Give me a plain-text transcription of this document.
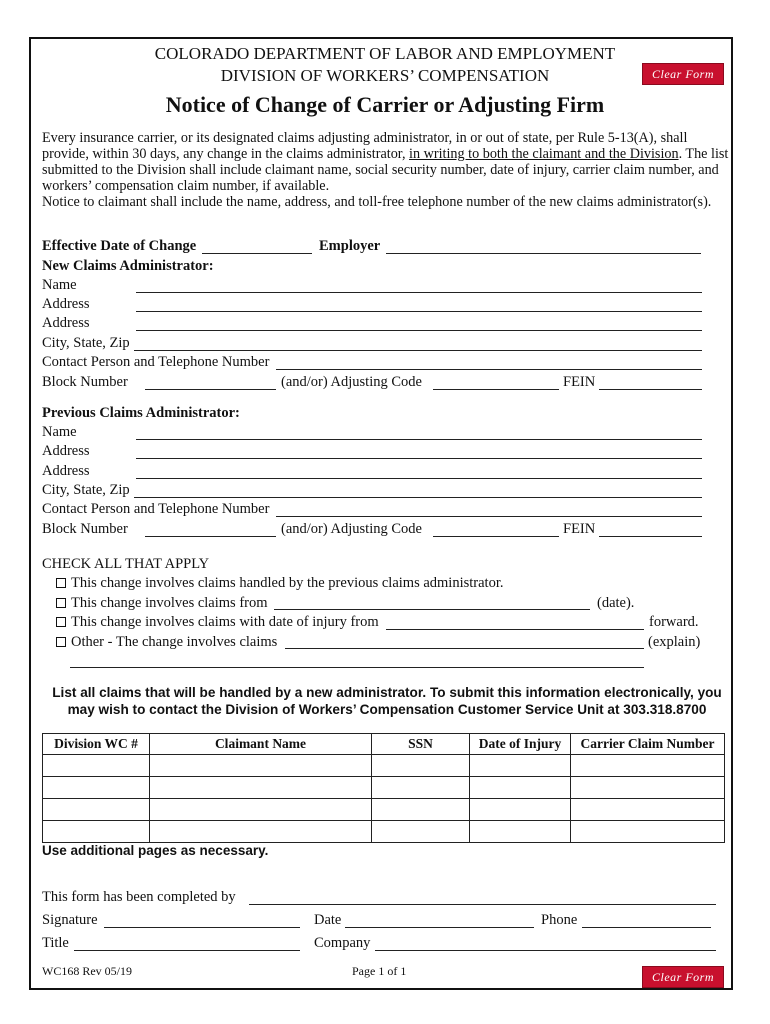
COLORADO DEPARTMENT OF LABOR AND EMPLOYMENT
DIVISION OF WORKERS’ COMPENSATION	Clear Form
Notice of Change of Carrier or Adjusting Firm
Every insurance carrier, or its designated claims adjusting administrator, in or out of state, per Rule 5-13(A), shall provide, within 30 days, any change in the claims administrator, in writing to both the claimant and the Division. The list submitted to the Division shall include claimant name, social security number, date of injury, carrier claim number, and workers’ compensation claim number, if available.
Notice to claimant shall include the name, address, and toll-free telephone number of the new claims administrator(s).
Effective Date of Change	Employer
New Claims Administrator:
Name
Address
Address
City, State, Zip
Contact Person and Telephone Number
Block Number	(and/or) Adjusting Code	FEIN
Previous Claims Administrator:
Name
Address
Address
City, State, Zip
Contact Person and Telephone Number
Block Number	(and/or) Adjusting Code	FEIN
CHECK ALL THAT APPLY
This change involves claims handled by the previous claims administrator.
This change involves claims from	(date).
This change involves claims with date of injury from	forward.
Other - The change involves claims	(explain)
List all claims that will be handled by a new administrator. To submit this information electronically, you
may wish to contact the Division of Workers’ Compensation Customer Service Unit at 303.318.8700
Division WC #	Claimant Name	SSN	Date of Injury	Carrier Claim Number

Use additional pages as necessary.
This form has been completed by
Signature	Date	Phone
Title	Company
WC168 Rev 05/19	Page 1 of 1	Clear Form
